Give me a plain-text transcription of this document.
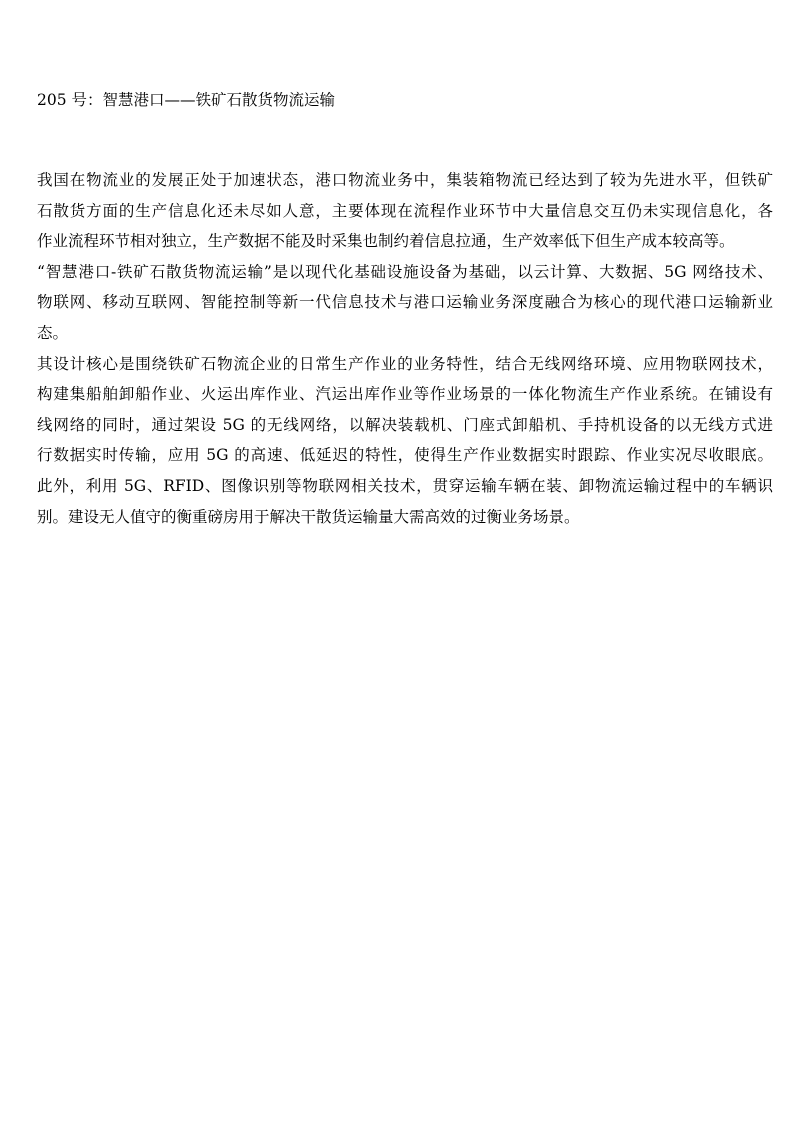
205 号：智慧港口——铁矿石散货物流运输
我国在物流业的发展正处于加速状态，港口物流业务中，集装箱物流已经达到了较为先进水平，但铁矿
石散货方面的生产信息化还未尽如人意，主要体现在流程作业环节中大量信息交互仍未实现信息化，各
作业流程环节相对独立，生产数据不能及时采集也制约着信息拉通，生产效率低下但生产成本较高等。
“智慧港口-铁矿石散货物流运输”是以现代化基础设施设备为基础，以云计算、大数据、5G 网络技术、
物联网、移动互联网、智能控制等新一代信息技术与港口运输业务深度融合为核心的现代港口运输新业
态。
其设计核心是围绕铁矿石物流企业的日常生产作业的业务特性，结合无线网络环境、应用物联网技术，
构建集船舶卸船作业、火运出库作业、汽运出库作业等作业场景的一体化物流生产作业系统。在铺设有
线网络的同时，通过架设 5G 的无线网络，以解决装载机、门座式卸船机、手持机设备的以无线方式进
行数据实时传输，应用 5G 的高速、低延迟的特性，使得生产作业数据实时跟踪、作业实况尽收眼底。
此外，利用 5G、RFID、图像识别等物联网相关技术，贯穿运输车辆在装、卸物流运输过程中的车辆识
别。建设无人值守的衡重磅房用于解决干散货运输量大需高效的过衡业务场景。
